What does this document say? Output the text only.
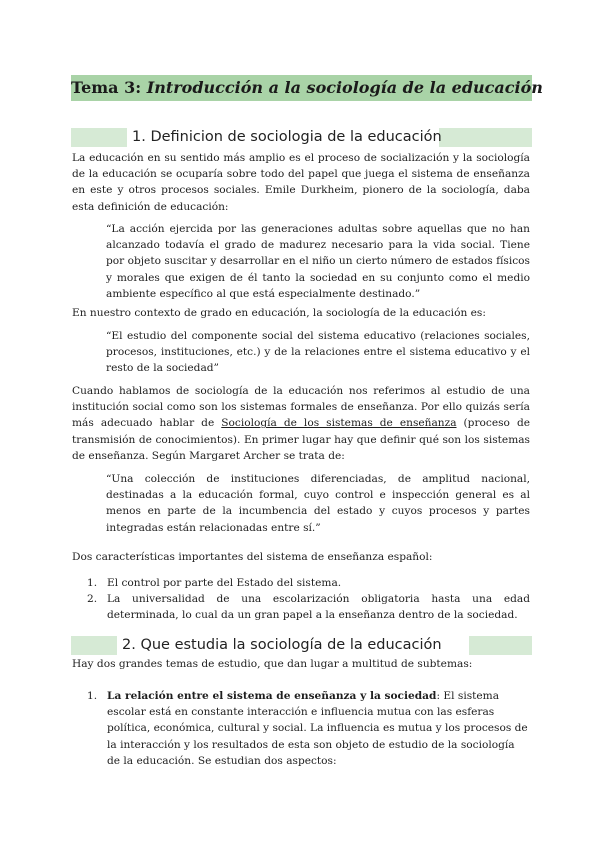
Tema 3: Introducción a la sociología de la educación
1. Definicion de sociologia de la educación

La educación en su sentido más amplio es el proceso de socialización y la sociología de la educación se ocuparía sobre todo del papel que juega el sistema de enseñanza en este y otros procesos sociales. Emile Durkheim, pionero de la sociología, daba esta definición de educación:

“La acción ejercida por las generaciones adultas sobre aquellas que no han alcanzado todavía el grado de madurez necesario para la vida social. Tiene por objeto suscitar y desarrollar en el niño un cierto número de estados físicos y morales que exigen de él tanto la sociedad en su conjunto como el medio ambiente específico al que está especialmente destinado.”

En nuestro contexto de grado en educación, la sociología de la educación es:

“El estudio del componente social del sistema educativo (relaciones sociales, procesos, instituciones, etc.) y de la relaciones entre el sistema educativo y el resto de la sociedad”

Cuando hablamos de sociología de la educación nos referimos al estudio de una institución social como son los sistemas formales de enseñanza. Por ello quizás sería más adecuado hablar de Sociología de los sistemas de enseñanza (proceso de transmisión de conocimientos). En primer lugar hay que definir qué son los sistemas de enseñanza. Según Margaret Archer se trata de:

“Una colección de instituciones diferenciadas, de amplitud nacional, destinadas a la educación formal, cuyo control e inspección general es al menos en parte de la incumbencia del estado y cuyos procesos y partes integradas están relacionadas entre sí.”

Dos características importantes del sistema de enseñanza español:

1. El control por parte del Estado del sistema.
2. La universalidad de una escolarización obligatoria hasta una edad determinada, lo cual da un gran papel a la enseñanza dentro de la sociedad.
2. Que estudia la sociología de la educación

Hay dos grandes temas de estudio, que dan lugar a multitud de subtemas:

1. La relación entre el sistema de enseñanza y la sociedad: El sistema escolar está en constante interacción e influencia mutua con las esferas política, económica, cultural y social. La influencia es mutua y los procesos de la interacción y los resultados de esta son objeto de estudio de la sociología de la educación. Se estudian dos aspectos:
